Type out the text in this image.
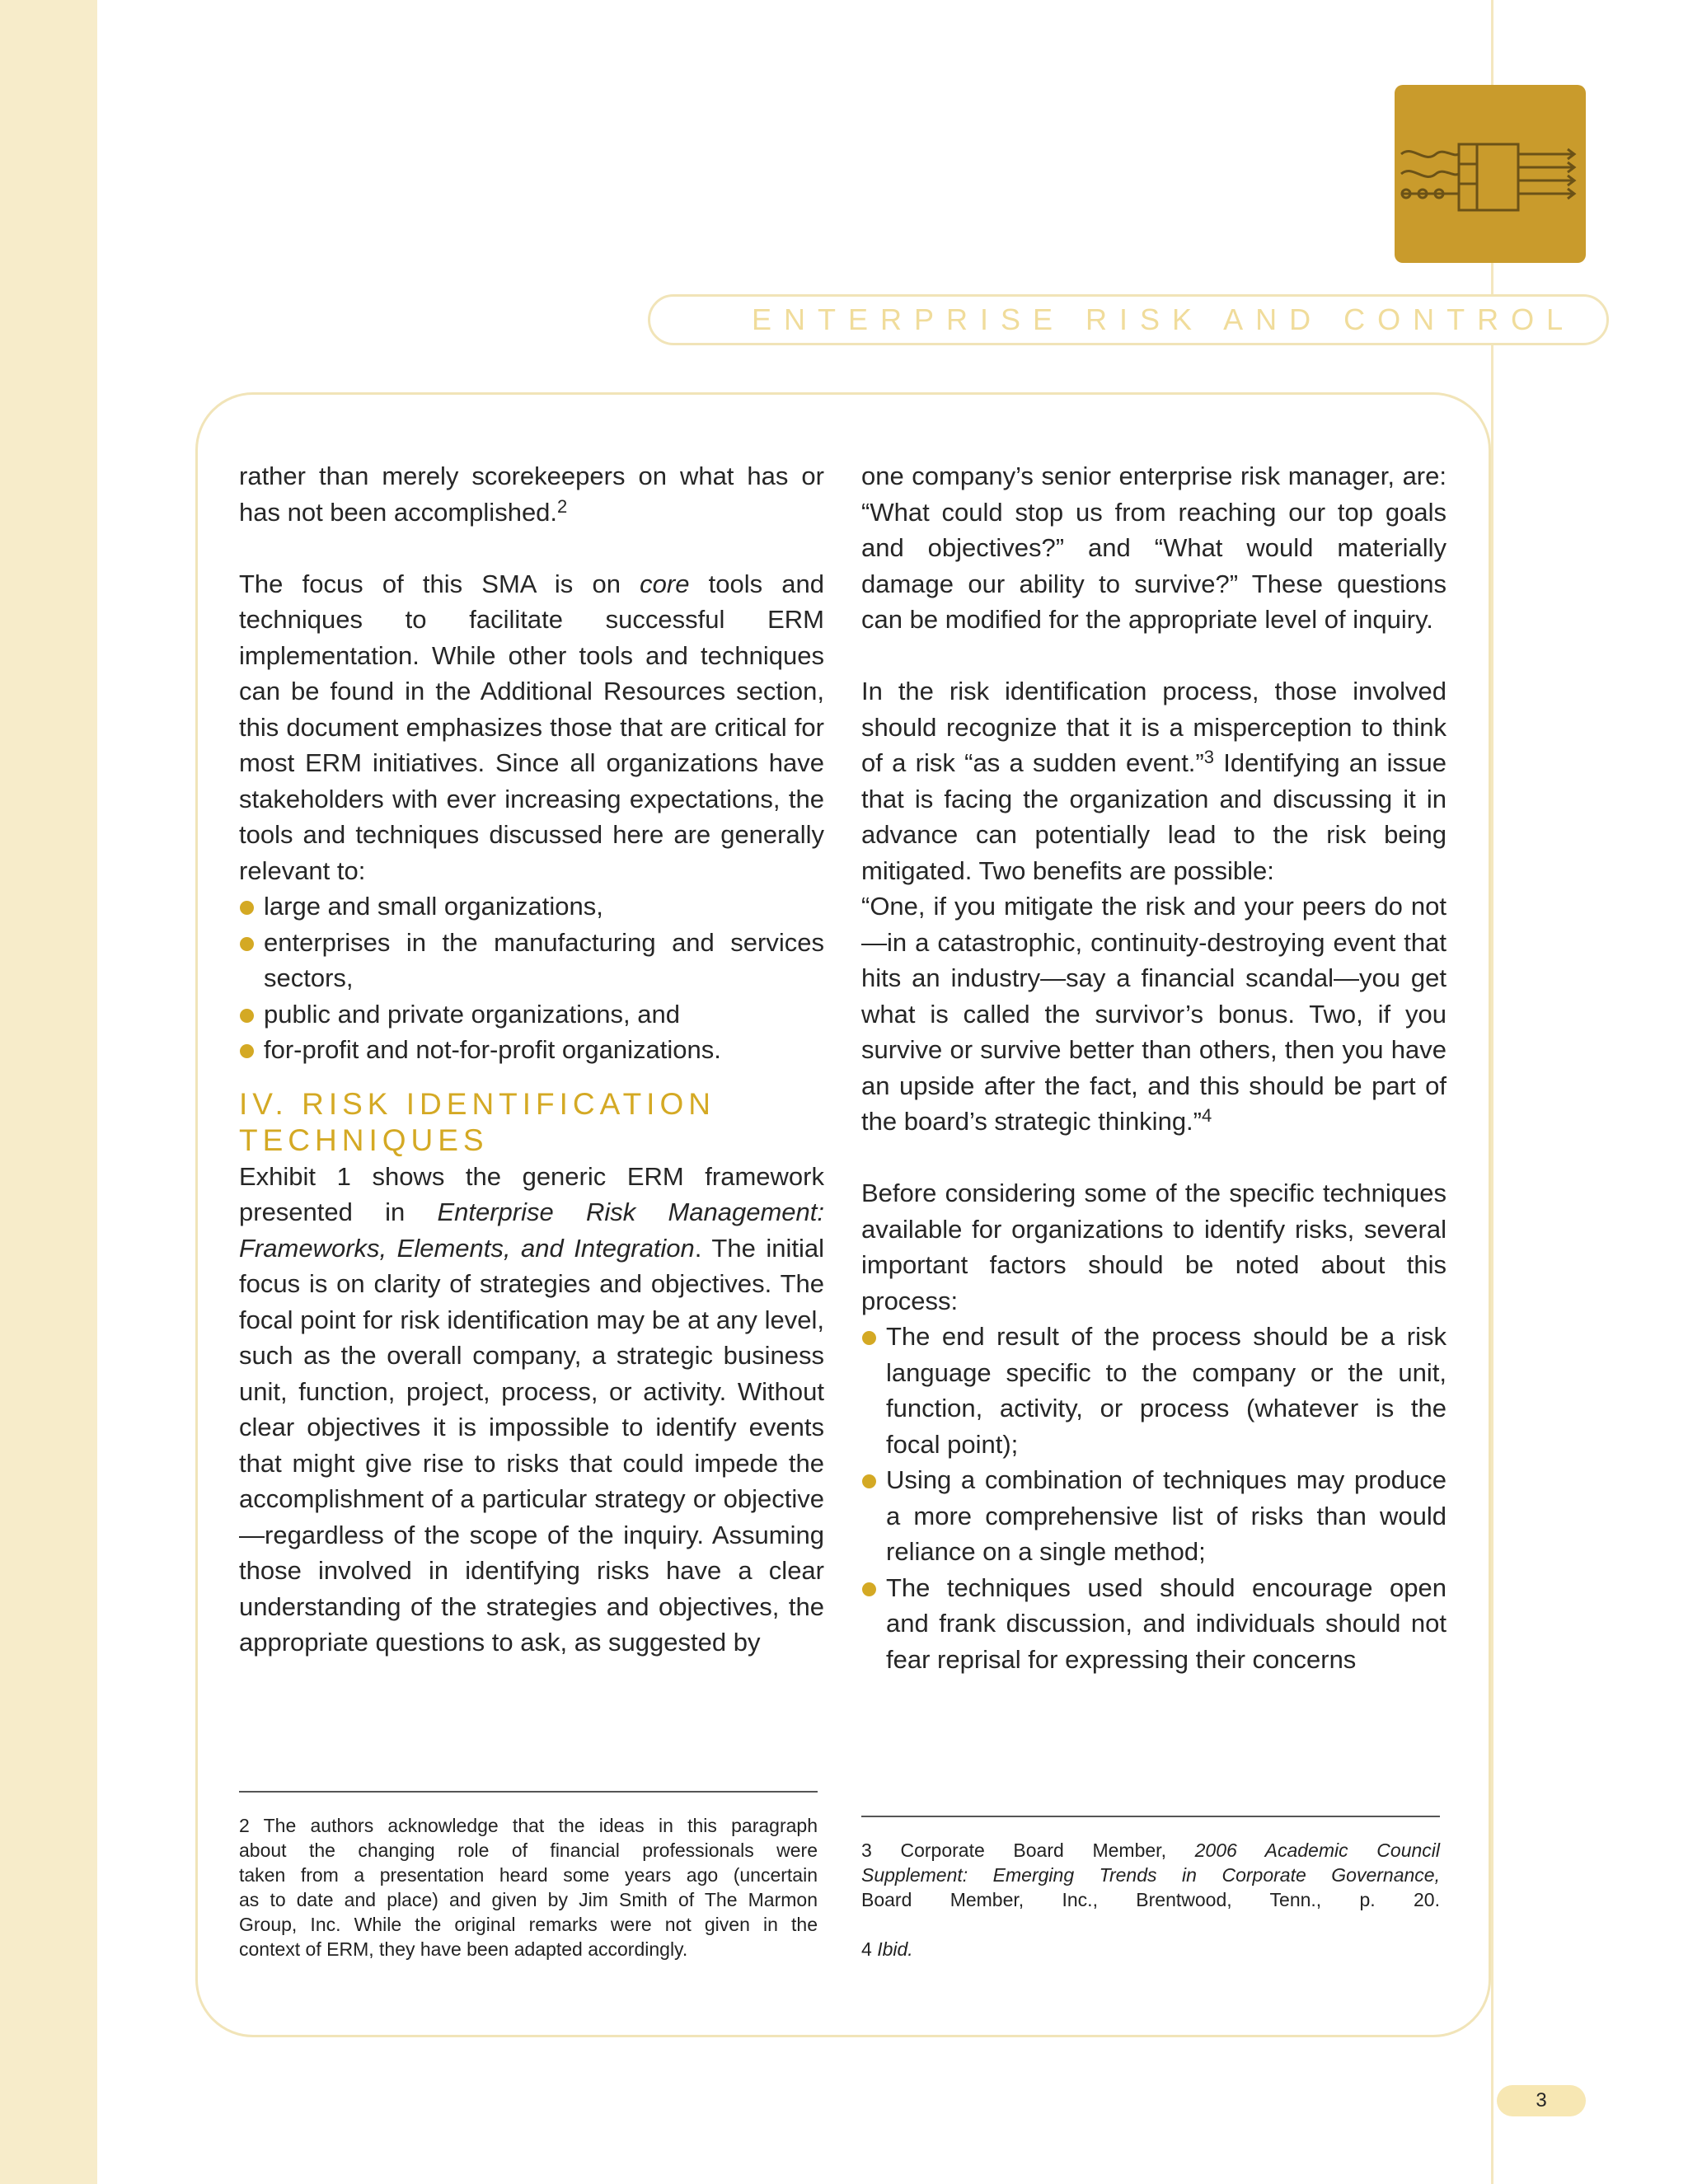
ENTERPRISE RISK AND CONTROL

rather than merely scorekeepers on what has or has not been accomplished.$^2$

The focus of this SMA is on core tools and techniques to facilitate successful ERM implementation. While other tools and techniques can be found in the Additional Resources section, this document emphasizes those that are critical for most ERM initiatives. Since all organizations have stakeholders with ever increasing expectations, the tools and techniques discussed here are generally relevant to:

large and small organizations,
enterprises in the manufacturing and services sectors,
public and private organizations, and
for-profit and not-for-profit organizations.
IV. RISK IDENTIFICATION TECHNIQUES

Exhibit 1 shows the generic ERM framework presented in Enterprise Risk Management: Frameworks, Elements, and Integration. The initial focus is on clarity of strategies and objectives. The focal point for risk identification may be at any level, such as the overall company, a strategic business unit, function, project, process, or activity. Without clear objectives it is impossible to identify events that might give rise to risks that could impede the accomplishment of a particular strategy or objective—regardless of the scope of the inquiry. Assuming those involved in identifying risks have a clear understanding of the strategies and objectives, the appropriate questions to ask, as suggested by

one company’s senior enterprise risk manager, are: “What could stop us from reaching our top goals and objectives?” and “What would materially damage our ability to survive?” These questions can be modified for the appropriate level of inquiry.

In the risk identification process, those involved should recognize that it is a misperception to think of a risk “as a sudden event.”$^3$ Identifying an issue that is facing the organization and discussing it in advance can potentially lead to the risk being mitigated. Two benefits are possible:

“One, if you mitigate the risk and your peers do not—in a catastrophic, continuity-destroying event that hits an industry—say a financial scandal—you get what is called the survivor’s bonus. Two, if you survive or survive better than others, then you have an upside after the fact, and this should be part of the board’s strategic thinking.”$^4$

Before considering some of the specific techniques available for organizations to identify risks, several important factors should be noted about this process:

The end result of the process should be a risk language specific to the company or the unit, function, activity, or process (whatever is the focal point);
Using a combination of techniques may produce a more comprehensive list of risks than would reliance on a single method;
The techniques used should encourage open and frank discussion, and individuals should not fear reprisal for expressing their concerns
2 The authors acknowledge that the ideas in this paragraph
about the changing role of financial professionals were
taken from a presentation heard some years ago (uncertain
as to date and place) and given by Jim Smith of The Marmon
Group, Inc. While the original remarks were not given in the
context of ERM, they have been adapted accordingly.
3 Corporate Board Member, 2006 Academic Council
Supplement: Emerging Trends in Corporate Governance,
Board Member, Inc., Brentwood, Tenn., p. 20.
4 Ibid.
3
